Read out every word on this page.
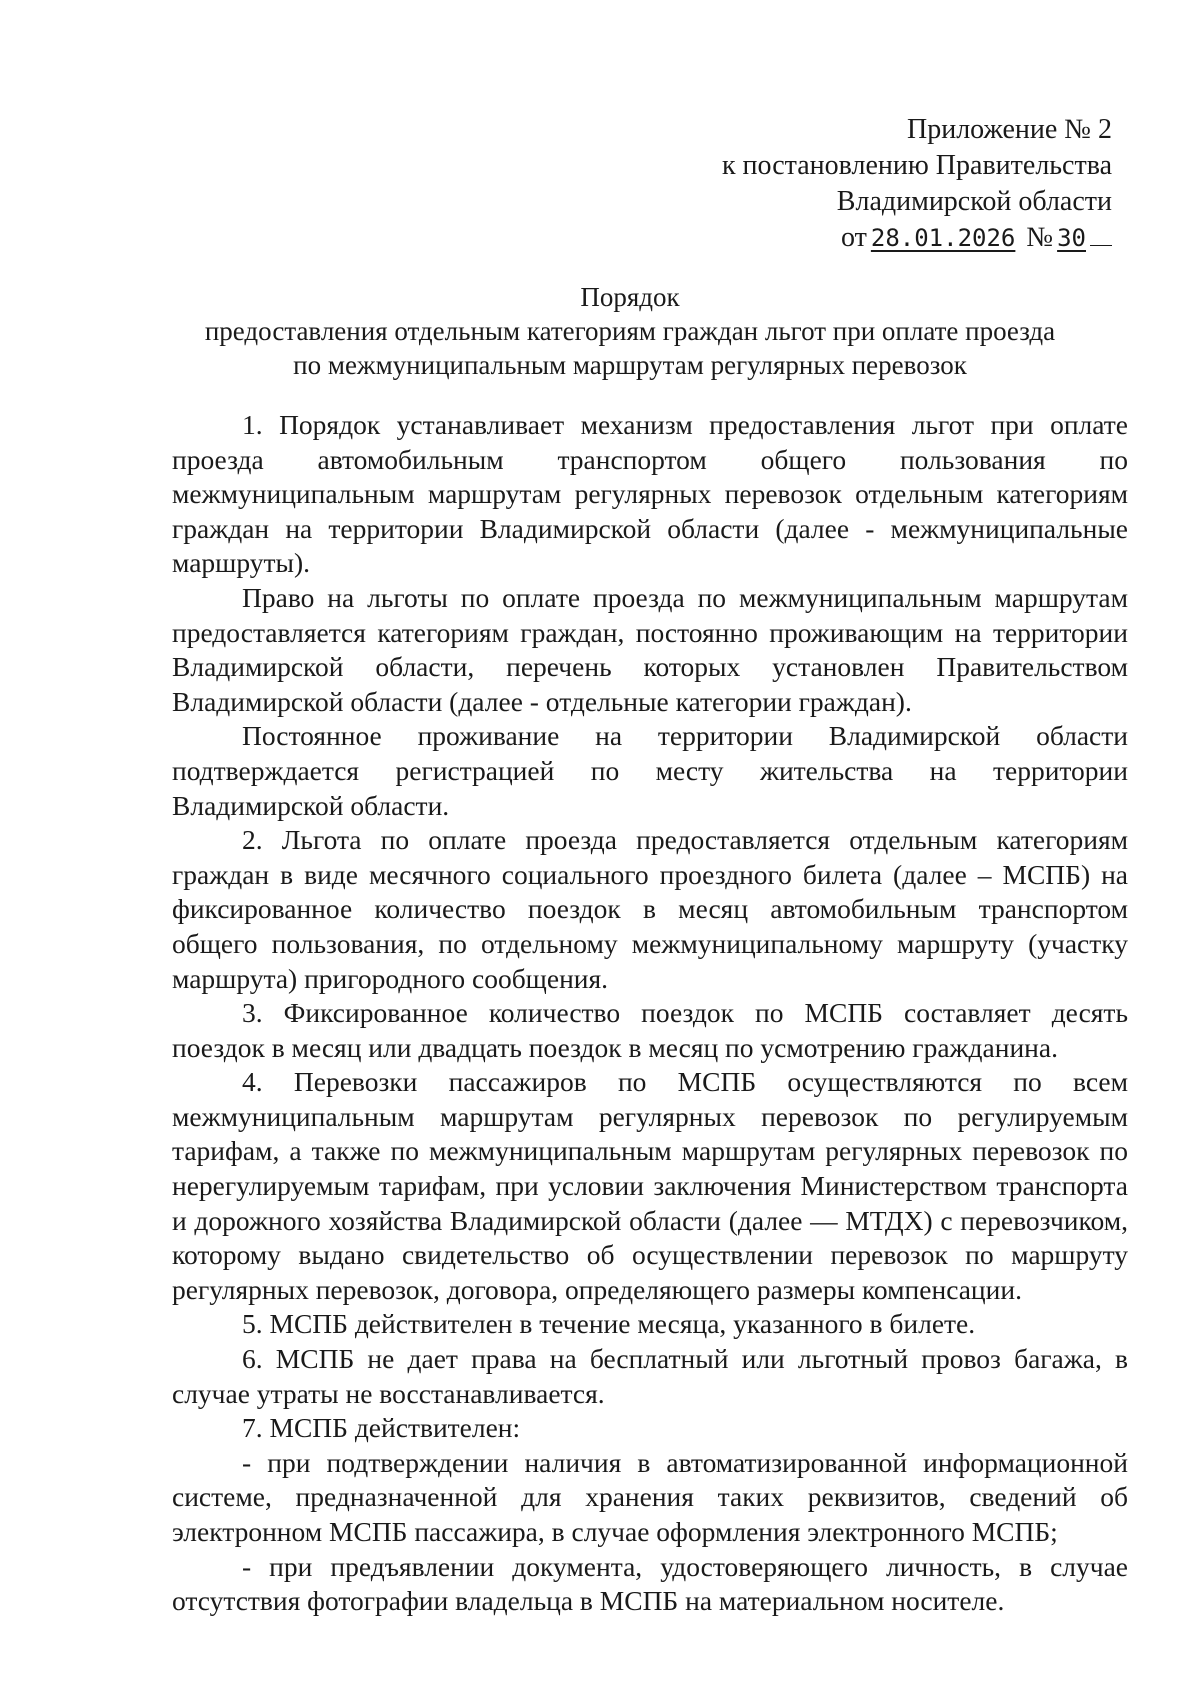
Приложение № 2
к постановлению Правительства
Владимирской области
от 28.01.2026 № 30
Порядок
предоставления отдельным категориям граждан льгот при оплате проезда
по межмуниципальным маршрутам регулярных перевозок

1. Порядок устанавливает механизм предоставления льгот при оплате проезда автомобильным транспортом общего пользования по межмуниципальным маршрутам регулярных перевозок отдельным категориям граждан на территории Владимирской области (далее - межмуниципальные маршруты).

Право на льготы по оплате проезда по межмуниципальным маршрутам предоставляется категориям граждан, постоянно проживающим на территории Владимирской области, перечень которых установлен Правительством Владимирской области (далее - отдельные категории граждан).

Постоянное проживание на территории Владимирской области подтверждается регистрацией по месту жительства на территории Владимирской области.

2. Льгота по оплате проезда предоставляется отдельным категориям граждан в виде месячного социального проездного билета (далее – МСПБ) на фиксированное количество поездок в месяц автомобильным транспортом общего пользования, по отдельному межмуниципальному маршруту (участку маршрута) пригородного сообщения.

3. Фиксированное количество поездок по МСПБ составляет десять поездок в месяц или двадцать поездок в месяц по усмотрению гражданина.

4. Перевозки пассажиров по МСПБ осуществляются по всем межмуниципальным маршрутам регулярных перевозок по регулируемым тарифам, а также по межмуниципальным маршрутам регулярных перевозок по нерегулируемым тарифам, при условии заключения Министерством транспорта и дорожного хозяйства Владимирской области (далее — МТДХ) с перевозчиком, которому выдано свидетельство об осуществлении перевозок по маршруту регулярных перевозок, договора, определяющего размеры компенсации.

5. МСПБ действителен в течение месяца, указанного в билете.

6. МСПБ не дает права на бесплатный или льготный провоз багажа, в случае утраты не восстанавливается.

7. МСПБ действителен:

- при подтверждении наличия в автоматизированной информационной системе, предназначенной для хранения таких реквизитов, сведений об электронном МСПБ пассажира, в случае оформления электронного МСПБ;

- при предъявлении документа, удостоверяющего личность, в случае отсутствия фотографии владельца в МСПБ на материальном носителе.
